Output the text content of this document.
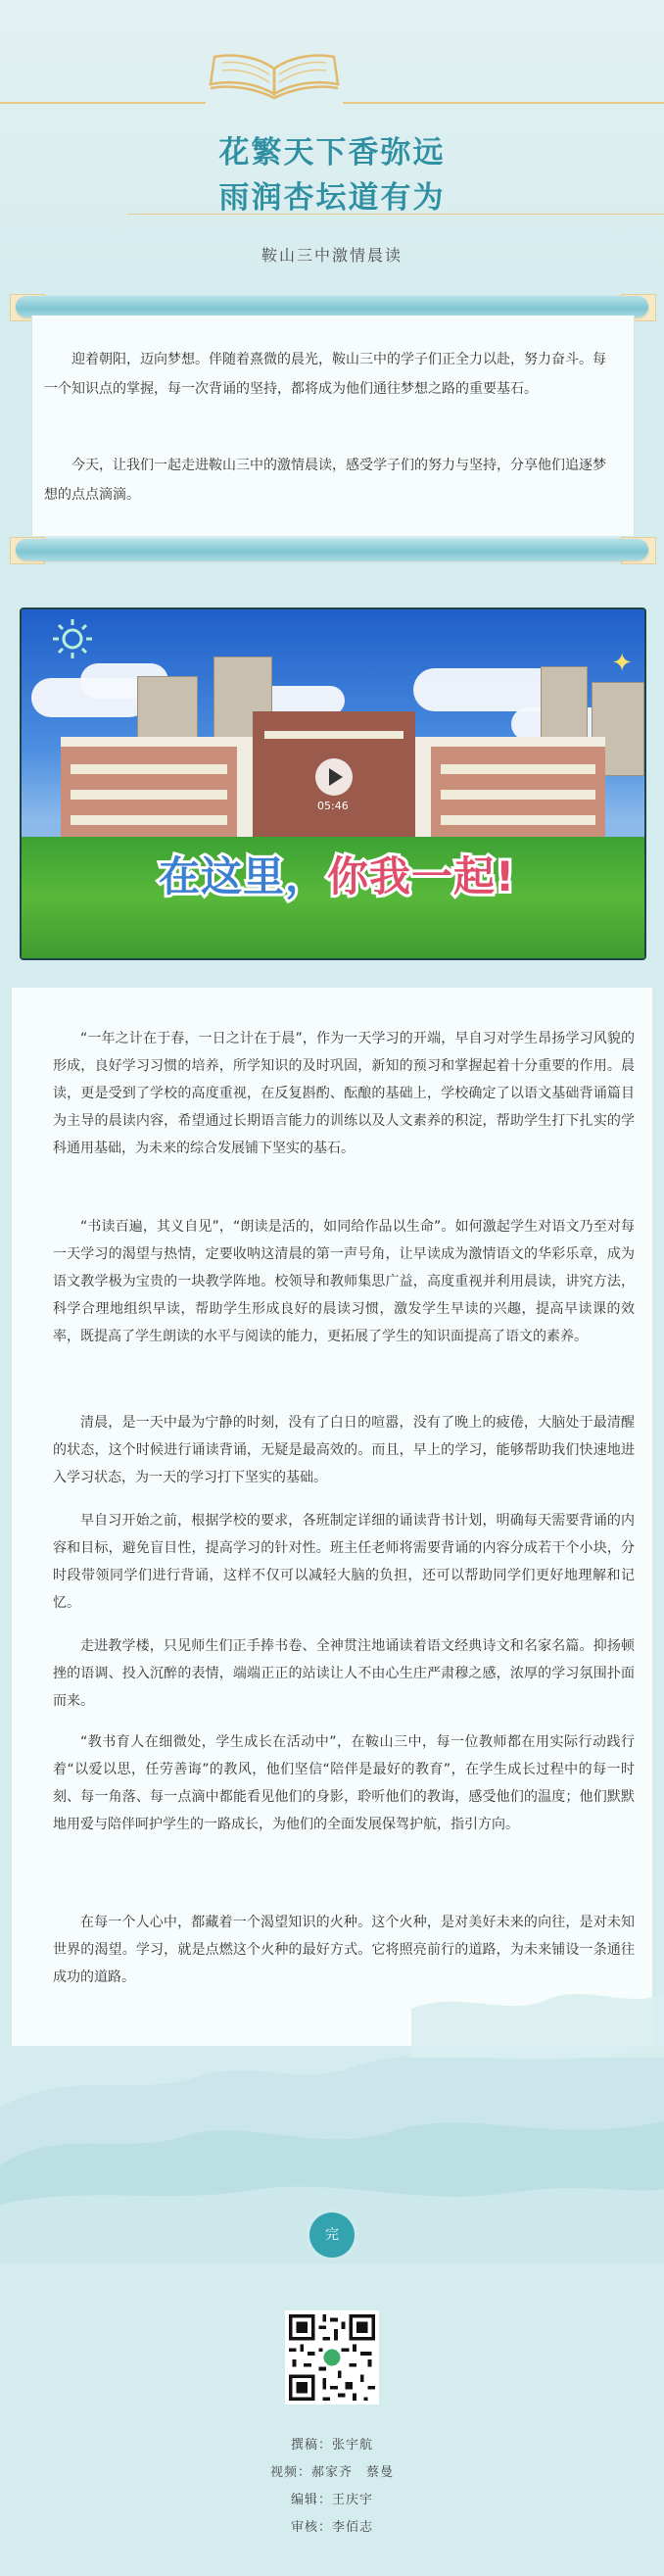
花繁天下香弥远
雨润杏坛道有为
鞍山三中激情晨读

迎着朝阳，迈向梦想。伴随着熹微的晨光，鞍山三中的学子们正全力以赴，努力奋斗。每一个知识点的掌握，每一次背诵的坚持，都将成为他们通往梦想之路的重要基石。

今天，让我们一起走进鞍山三中的激情晨读，感受学子们的努力与坚持，分享他们追逐梦想的点点滴滴。

✦
05:46
在这里，你我一起!

“一年之计在于春，一日之计在于晨”，作为一天学习的开端，早自习对学生昂扬学习风貌的形成，良好学习习惯的培养，所学知识的及时巩固，新知的预习和掌握起着十分重要的作用。晨读，更是受到了学校的高度重视，在反复斟酌、酝酿的基础上，学校确定了以语文基础背诵篇目为主导的晨读内容，希望通过长期语言能力的训练以及人文素养的积淀，帮助学生打下扎实的学科通用基础，为未来的综合发展铺下坚实的基石。

“书读百遍，其义自见”，“朗读是活的，如同给作品以生命”。如何激起学生对语文乃至对每一天学习的渴望与热情，定要收呐这清晨的第一声号角，让早读成为激情语文的华彩乐章，成为语文教学极为宝贵的一块教学阵地。校领导和教师集思广益，高度重视并利用晨读，讲究方法，科学合理地组织早读，帮助学生形成良好的晨读习惯，激发学生早读的兴趣，提高早读课的效率，既提高了学生朗读的水平与阅读的能力，更拓展了学生的知识面提高了语文的素养。

清晨，是一天中最为宁静的时刻，没有了白日的喧嚣，没有了晚上的疲倦，大脑处于最清醒的状态，这个时候进行诵读背诵，无疑是最高效的。而且，早上的学习，能够帮助我们快速地进入学习状态，为一天的学习打下坚实的基础。

早自习开始之前，根据学校的要求，各班制定详细的诵读背书计划，明确每天需要背诵的内容和目标，避免盲目性，提高学习的针对性。班主任老师将需要背诵的内容分成若干个小块，分时段带领同学们进行背诵，这样不仅可以减轻大脑的负担，还可以帮助同学们更好地理解和记忆。

走进教学楼，只见师生们正手捧书卷、全神贯注地诵读着语文经典诗文和名家名篇。抑扬顿挫的语调、投入沉醉的表情，端端正正的站读让人不由心生庄严肃穆之感，浓厚的学习氛围扑面而来。

“教书育人在细微处，学生成长在活动中”，在鞍山三中，每一位教师都在用实际行动践行着“以爱以思，任劳善诲”的教风，他们坚信“陪伴是最好的教育”，在学生成长过程中的每一时刻、每一角落、每一点滴中都能看见他们的身影，聆听他们的教诲，感受他们的温度；他们默默地用爱与陪伴呵护学生的一路成长，为他们的全面发展保驾护航，指引方向。

在每一个人心中，都藏着一个渴望知识的火种。这个火种，是对美好未来的向往，是对未知世界的渴望。学习，就是点燃这个火种的最好方式。它将照亮前行的道路，为未来铺设一条通往成功的道路。

完
撰稿：张宇航
视频：郝家齐　蔡曼
编辑：王庆宇
审核：李佰志
